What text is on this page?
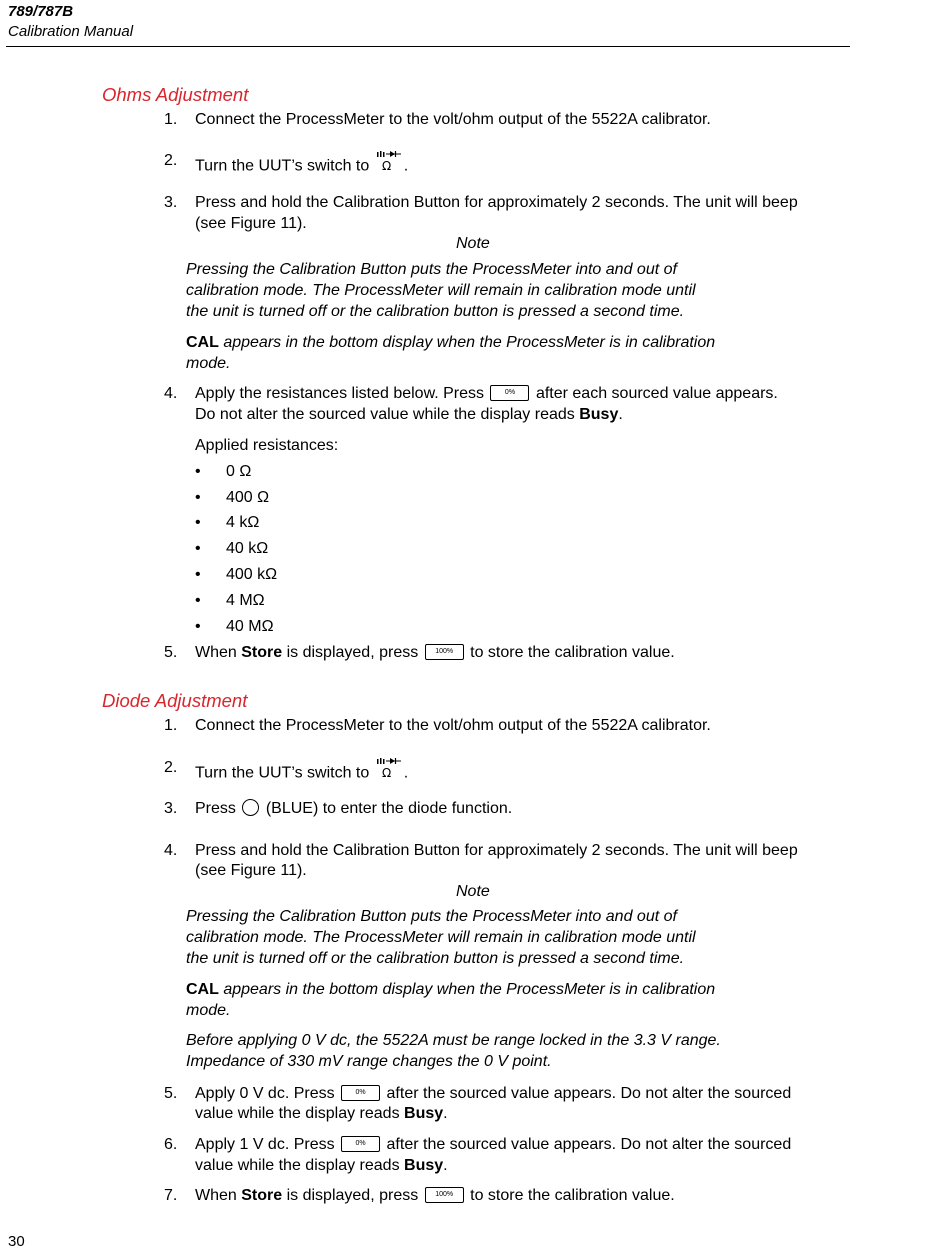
789/787B
Calibration Manual
Ohms Adjustment
1. Connect the ProcessMeter to the volt/ohm output of the 5522A calibrator.
2. Turn the UUT’s switch to Ω .
3. Press and hold the Calibration Button for approximately 2 seconds. The unit will beep
(see Figure 11).
Note
Pressing the Calibration Button puts the ProcessMeter into and out of
calibration mode. The ProcessMeter will remain in calibration mode until
the unit is turned off or the calibration button is pressed a second time.
CAL appears in the bottom display when the ProcessMeter is in calibration
mode.
4. Apply the resistances listed below. Press	0% after each sourced value appears.
Do not alter the sourced value while the display reads Busy.
Applied resistances:
• 0 Ω
• 400 Ω
• 4 kΩ
• 40 kΩ
• 400 kΩ
• 4 MΩ
• 40 MΩ
5. When Store is displayed, press 100% to store the calibration value.
Diode Adjustment
1. Connect the ProcessMeter to the volt/ohm output of the 5522A calibrator.
2. Turn the UUT’s switch to Ω .
3. Press (BLUE) to enter the diode function.
4. Press and hold the Calibration Button for approximately 2 seconds. The unit will beep
(see Figure 11).
Note
Pressing the Calibration Button puts the ProcessMeter into and out of
calibration mode. The ProcessMeter will remain in calibration mode until
the unit is turned off or the calibration button is pressed a second time.
CAL appears in the bottom display when the ProcessMeter is in calibration
mode.
Before applying 0 V dc, the 5522A must be range locked in the 3.3 V range.
Impedance of 330 mV range changes the 0 V point.
5. Apply 0 V dc. Press	0% after the sourced value appears. Do not alter the sourced
value while the display reads Busy.
6. Apply 1 V dc. Press	0% after the sourced value appears. Do not alter the sourced
value while the display reads Busy.
7. When Store is displayed, press 100% to store the calibration value.
30
